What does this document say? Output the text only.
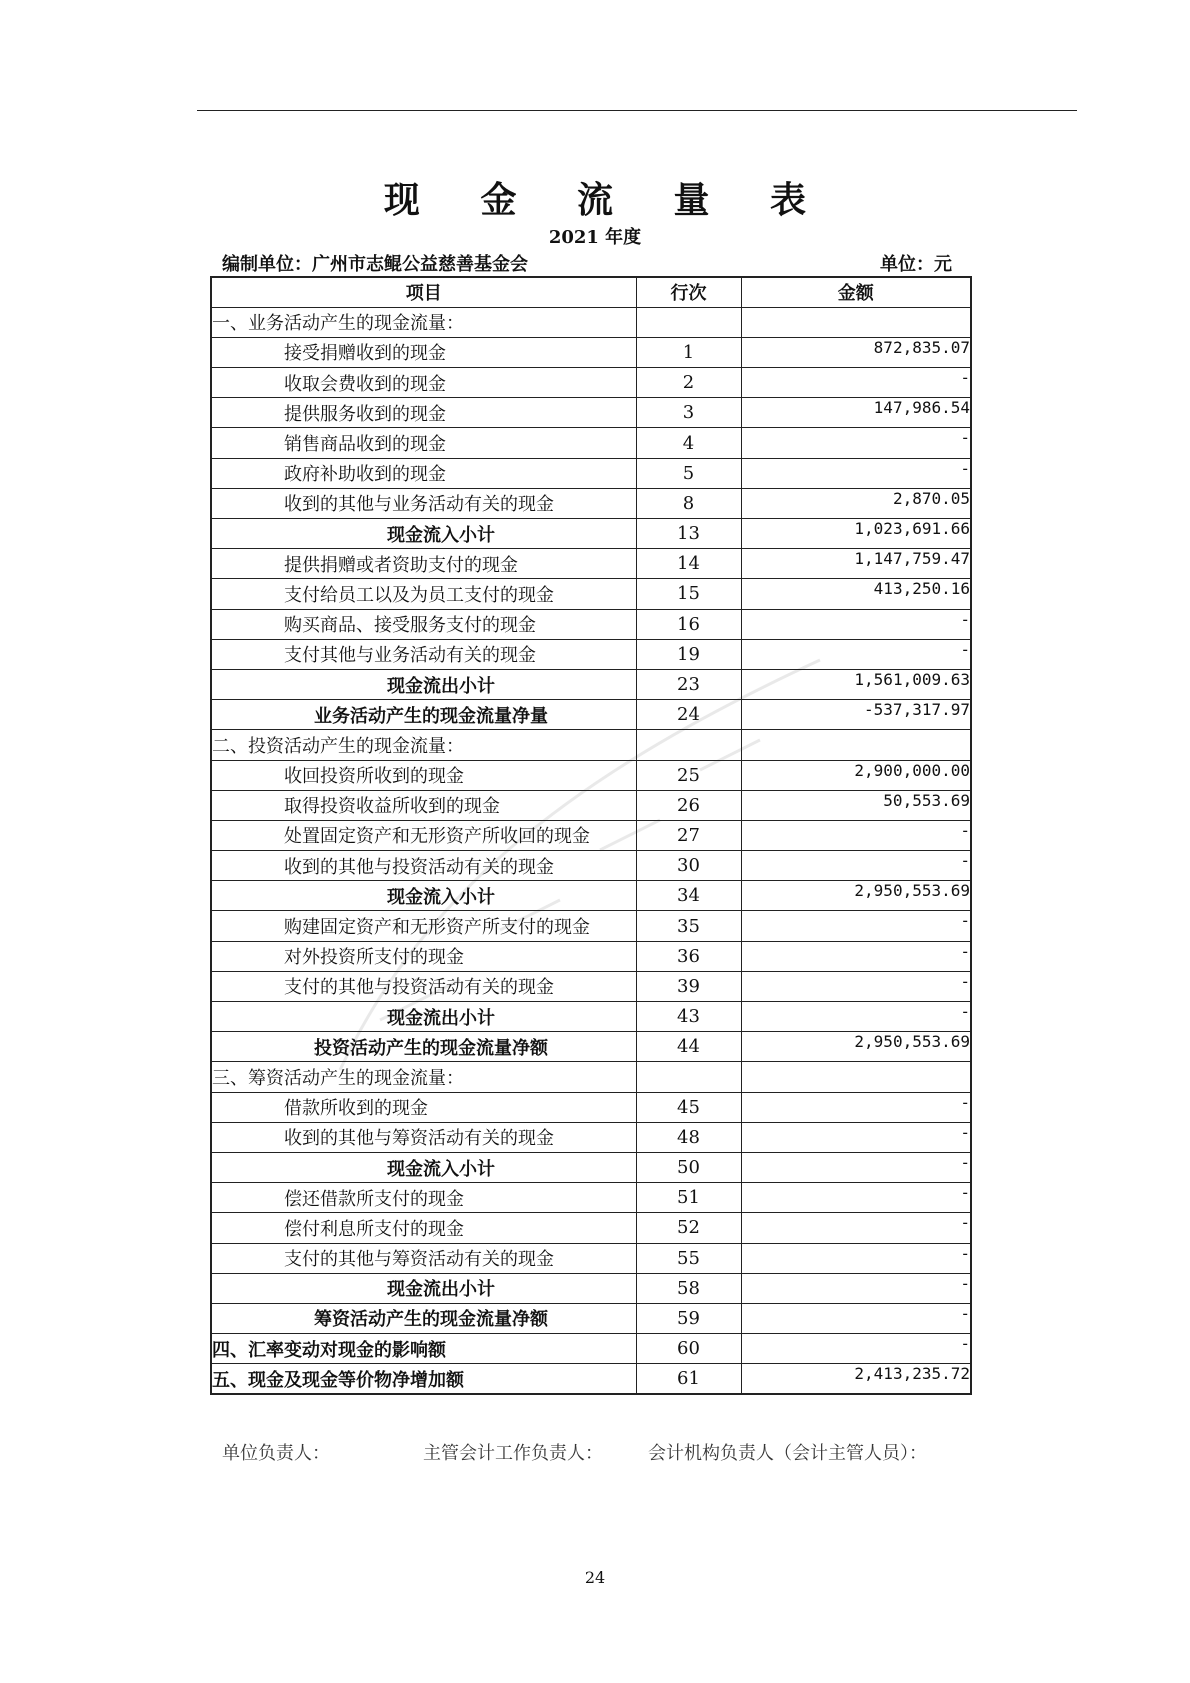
现 金 流 量 表
2021 年度
编制单位：广州市志鲲公益慈善基金会	单位：元
项目	行次	金额
一、业务活动产生的现金流量：		
接受捐赠收到的现金	1	872,835.07
收取会费收到的现金	2	-
提供服务收到的现金	3	147,986.54
销售商品收到的现金	4	-
政府补助收到的现金	5	-
收到的其他与业务活动有关的现金	8	2,870.05
现金流入小计	13	1,023,691.66
提供捐赠或者资助支付的现金	14	1,147,759.47
支付给员工以及为员工支付的现金	15	413,250.16
购买商品、接受服务支付的现金	16	-
支付其他与业务活动有关的现金	19	-
现金流出小计	23	1,561,009.63
业务活动产生的现金流量净量	24	-537,317.97
二、投资活动产生的现金流量：		
收回投资所收到的现金	25	2,900,000.00
取得投资收益所收到的现金	26	50,553.69
处置固定资产和无形资产所收回的现金	27	-
收到的其他与投资活动有关的现金	30	-
现金流入小计	34	2,950,553.69
购建固定资产和无形资产所支付的现金	35	-
对外投资所支付的现金	36	-
支付的其他与投资活动有关的现金	39	-
现金流出小计	43	-
投资活动产生的现金流量净额	44	2,950,553.69
三、筹资活动产生的现金流量：		
借款所收到的现金	45	-
收到的其他与筹资活动有关的现金	48	-
现金流入小计	50	-
偿还借款所支付的现金	51	-
偿付利息所支付的现金	52	-
支付的其他与筹资活动有关的现金	55	-
现金流出小计	58	-
筹资活动产生的现金流量净额	59	-
四、汇率变动对现金的影响额	60	-
五、现金及现金等价物净增加额	61	2,413,235.72
单位负责人：	主管会计工作负责人：	会计机构负责人（会计主管人员）：
24
